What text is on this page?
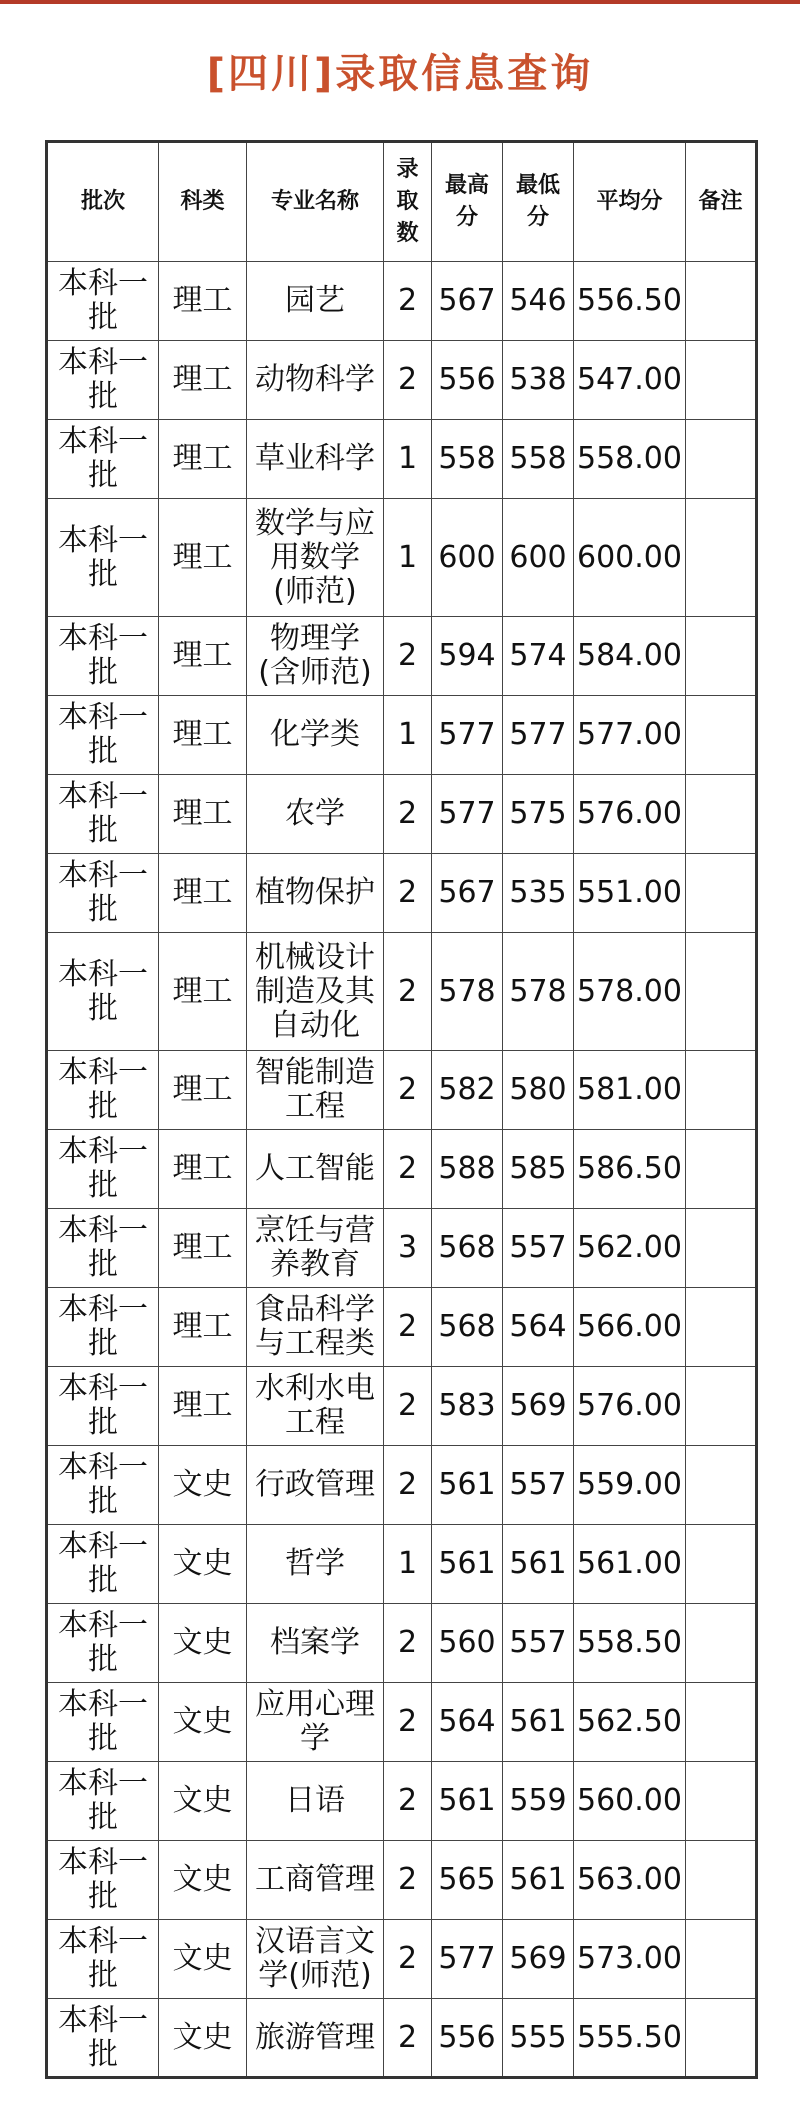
[四川]录取信息查询
批次	科类	专业名称	录取数	最高分	最低分	平均分	备注
本科一批	理工	园艺	2	567	546	556.50	
本科一批	理工	动物科学	2	556	538	547.00	
本科一批	理工	草业科学	1	558	558	558.00	
本科一批	理工	数学与应用数学(师范)	1	600	600	600.00	
本科一批	理工	物理学(含师范)	2	594	574	584.00	
本科一批	理工	化学类	1	577	577	577.00	
本科一批	理工	农学	2	577	575	576.00	
本科一批	理工	植物保护	2	567	535	551.00	
本科一批	理工	机械设计制造及其自动化	2	578	578	578.00	
本科一批	理工	智能制造工程	2	582	580	581.00	
本科一批	理工	人工智能	2	588	585	586.50	
本科一批	理工	烹饪与营养教育	3	568	557	562.00	
本科一批	理工	食品科学与工程类	2	568	564	566.00	
本科一批	理工	水利水电工程	2	583	569	576.00	
本科一批	文史	行政管理	2	561	557	559.00	
本科一批	文史	哲学	1	561	561	561.00	
本科一批	文史	档案学	2	560	557	558.50	
本科一批	文史	应用心理学	2	564	561	562.50	
本科一批	文史	日语	2	561	559	560.00	
本科一批	文史	工商管理	2	565	561	563.00	
本科一批	文史	汉语言文学(师范)	2	577	569	573.00	
本科一批	文史	旅游管理	2	556	555	555.50	
